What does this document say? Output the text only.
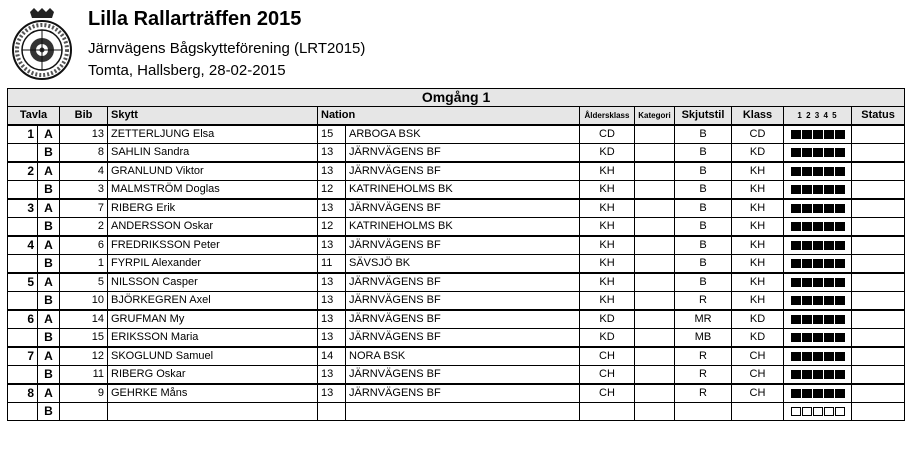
Lilla Rallarträffen 2015
Järnvägens Bågskytteförening (LRT2015)
Tomta, Hallsberg, 28-02-2015
Omgång 1											
Tavla		Bib	Skytt	Nation		Åldersklass	Kategori	Skjutstil	Klass	1 2 3 4 5	Status
1	A	13	ZETTERLJUNG Elsa	15	ARBOGA BSK	CD		B	CD	

	B	8	SAHLIN Sandra	13	JÄRNVÄGENS BF	KD		B	KD	

2	A	4	GRANLUND Viktor	13	JÄRNVÄGENS BF	KH		B	KH	

	B	3	MALMSTRÖM Doglas	12	KATRINEHOLMS BK	KH		B	KH	

3	A	7	RIBERG Erik	13	JÄRNVÄGENS BF	KH		B	KH	

	B	2	ANDERSSON Oskar	12	KATRINEHOLMS BK	KH		B	KH	

4	A	6	FREDRIKSSON Peter	13	JÄRNVÄGENS BF	KH		B	KH	

	B	1	FYRPIL Alexander	11	SÄVSJÖ BK	KH		B	KH	

5	A	5	NILSSON Casper	13	JÄRNVÄGENS BF	KH		B	KH	

	B	10	BJÖRKEGREN Axel	13	JÄRNVÄGENS BF	KH		R	KH	

6	A	14	GRUFMAN My	13	JÄRNVÄGENS BF	KD		MR	KD	

	B	15	ERIKSSON Maria	13	JÄRNVÄGENS BF	KD		MB	KD	

7	A	12	SKOGLUND Samuel	14	NORA BSK	CH		R	CH	

	B	11	RIBERG Oskar	13	JÄRNVÄGENS BF	CH		R	CH	

8	A	9	GEHRKE Måns	13	JÄRNVÄGENS BF	CH		R	CH	

	B									
